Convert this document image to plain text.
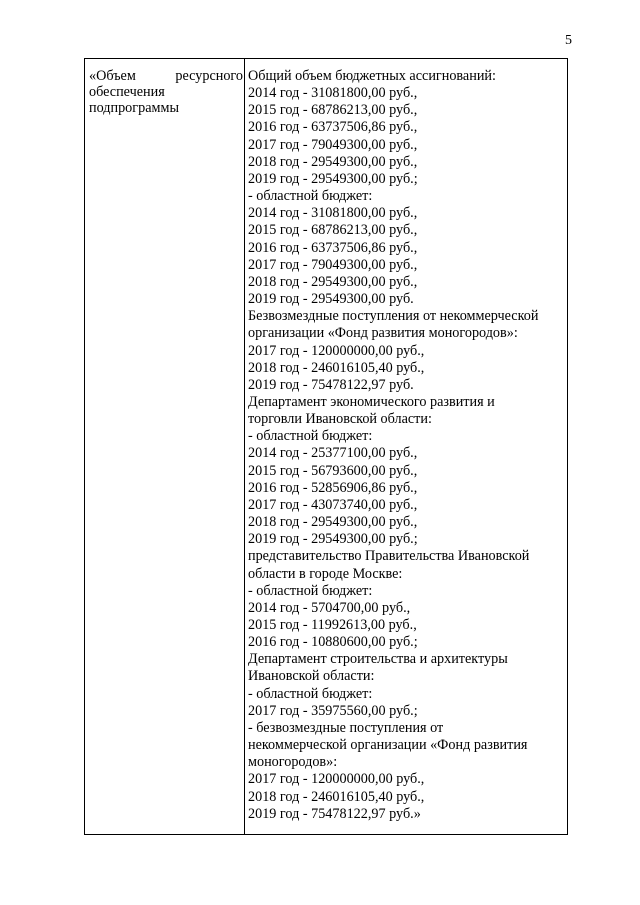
5

«Объем ресурсного

обеспечения

подпрограммы

Общий объем бюджетных ассигнований:

2014 год - 31081800,00 руб.,

2015 год - 68786213,00 руб.,

2016 год - 63737506,86 руб.,

2017 год - 79049300,00 руб.,

2018 год - 29549300,00 руб.,

2019 год - 29549300,00 руб.;

- областной бюджет:

2014 год - 31081800,00 руб.,

2015 год - 68786213,00 руб.,

2016 год - 63737506,86 руб.,

2017 год - 79049300,00 руб.,

2018 год - 29549300,00 руб.,

2019 год - 29549300,00 руб.

Безвозмездные поступления от некоммерческой

организации «Фонд развития моногородов»:

2017 год - 120000000,00 руб.,

2018 год - 246016105,40 руб.,

2019 год - 75478122,97 руб.

Департамент экономического развития и

торговли Ивановской области:

- областной бюджет:

2014 год - 25377100,00 руб.,

2015 год - 56793600,00 руб.,

2016 год - 52856906,86 руб.,

2017 год - 43073740,00 руб.,

2018 год - 29549300,00 руб.,

2019 год - 29549300,00 руб.;

представительство Правительства Ивановской

области в городе Москве:

- областной бюджет:

2014 год - 5704700,00 руб.,

2015 год - 11992613,00 руб.,

2016 год - 10880600,00 руб.;

Департамент строительства и архитектуры

Ивановской области:

- областной бюджет:

2017 год - 35975560,00 руб.;

- безвозмездные поступления от

некоммерческой организации «Фонд развития

моногородов»:

2017 год - 120000000,00 руб.,

2018 год - 246016105,40 руб.,

2019 год - 75478122,97 руб.»
